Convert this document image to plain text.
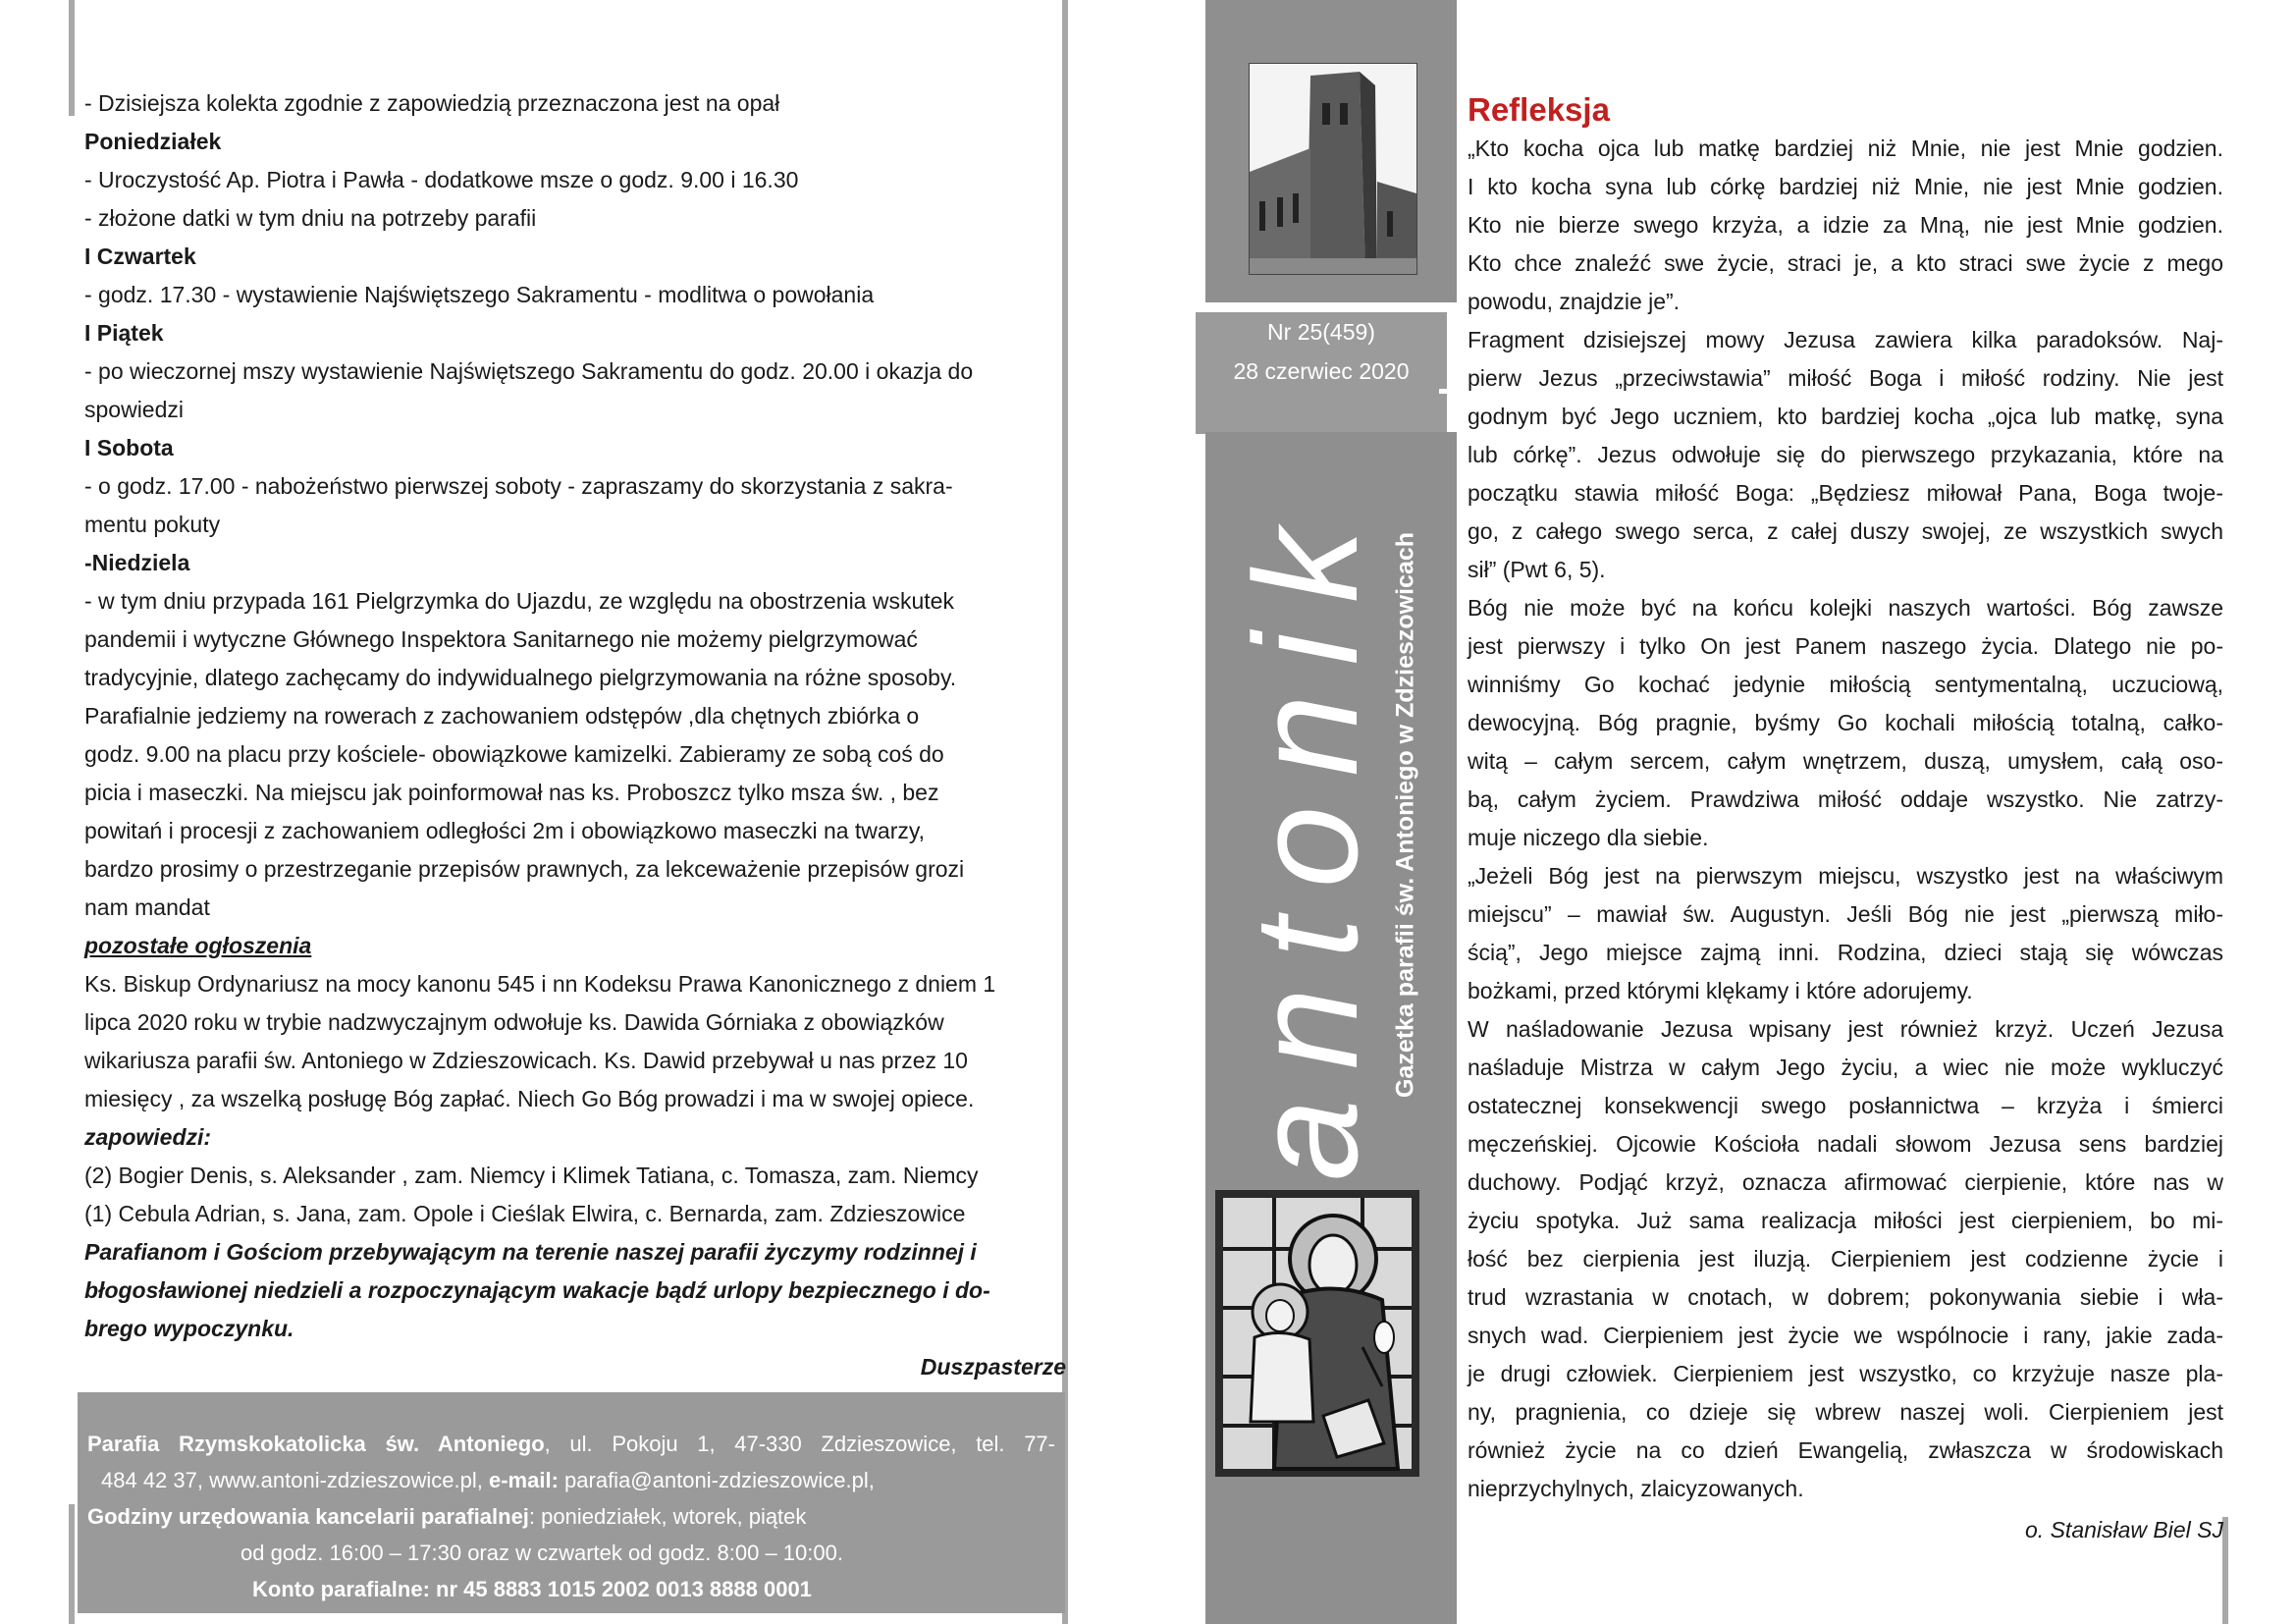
- Dzisiejsza kolekta zgodnie z zapowiedzią przeznaczona jest na opał
Poniedziałek
- Uroczystość Ap. Piotra i Pawła - dodatkowe msze o godz. 9.00 i 16.30
- złożone datki w tym dniu na potrzeby parafii
I Czwartek
- godz. 17.30 - wystawienie Najświętszego Sakramentu - modlitwa o powołania
I Piątek
- po wieczornej mszy wystawienie Najświętszego Sakramentu do godz. 20.00 i okazja do
spowiedzi
I Sobota
- o godz. 17.00 - nabożeństwo pierwszej soboty - zapraszamy do skorzystania z sakra-
mentu pokuty
-Niedziela
- w tym dniu przypada 161 Pielgrzymka do Ujazdu, ze względu na obostrzenia wskutek
pandemii i wytyczne Głównego Inspektora Sanitarnego nie możemy pielgrzymować
tradycyjnie, dlatego zachęcamy do indywidualnego pielgrzymowania na różne sposoby.
Parafialnie jedziemy na rowerach z zachowaniem odstępów ,dla chętnych zbiórka o
godz. 9.00 na placu przy kościele- obowiązkowe kamizelki. Zabieramy ze sobą coś do
picia i maseczki. Na miejscu jak poinformował nas ks. Proboszcz tylko msza św. , bez
powitań i procesji z zachowaniem odległości 2m i obowiązkowo maseczki na twarzy,
bardzo prosimy o przestrzeganie przepisów prawnych, za lekceważenie przepisów grozi
nam mandat
pozostałe ogłoszenia
Ks. Biskup Ordynariusz na mocy kanonu 545 i nn Kodeksu Prawa Kanonicznego z dniem 1
lipca 2020 roku w trybie nadzwyczajnym odwołuje ks. Dawida Górniaka z obowiązków
wikariusza parafii św. Antoniego w Zdzieszowicach. Ks. Dawid przebywał u nas przez 10
miesięcy , za wszelką posługę Bóg zapłać. Niech Go Bóg prowadzi i ma w swojej opiece.
zapowiedzi:
(2) Bogier Denis, s. Aleksander , zam. Niemcy i Klimek Tatiana, c. Tomasza, zam. Niemcy
(1) Cebula Adrian, s. Jana, zam. Opole i Cieślak Elwira, c. Bernarda, zam. Zdzieszowice
Parafianom i Gościom przebywającym na terenie naszej parafii życzymy rodzinnej i
błogosławionej niedzieli a rozpoczynającym wakacje bądź urlopy bezpiecznego i do-
brego wypoczynku.
Duszpasterze
Parafia Rzymskokatolicka św. Antoniego, ul. Pokoju 1, 47-330 Zdzieszowice, tel. 77-
484 42 37, www.antoni-zdzieszowice.pl, e-mail: parafia@antoni-zdzieszowice.pl,
Godziny urzędowania kancelarii parafialnej: poniedziałek, wtorek, piątek
od godz. 16:00 – 17:30 oraz w czwartek od godz. 8:00 – 10:00.
Konto parafialne: nr 45 8883 1015 2002 0013 8888 0001
Nr 25(459)
28 czerwiec 2020
antonik Gazetka parafii św. Antoniego w Zdzieszowicach
Refleksja
„Kto kocha ojca lub matkę bardziej niż Mnie, nie jest Mnie godzien.
I kto kocha syna lub córkę bardziej niż Mnie, nie jest Mnie godzien.
Kto nie bierze swego krzyża, a idzie za Mną, nie jest Mnie godzien.
Kto chce znaleźć swe życie, straci je, a kto straci swe życie z mego
powodu, znajdzie je”.
Fragment dzisiejszej mowy Jezusa zawiera kilka paradoksów. Naj-
pierw Jezus „przeciwstawia” miłość Boga i miłość rodziny. Nie jest
godnym być Jego uczniem, kto bardziej kocha „ojca lub matkę, syna
lub córkę”. Jezus odwołuje się do pierwszego przykazania, które na
początku stawia miłość Boga: „Będziesz miłował Pana, Boga twoje-
go, z całego swego serca, z całej duszy swojej, ze wszystkich swych
sił” (Pwt 6, 5).
Bóg nie może być na końcu kolejki naszych wartości. Bóg zawsze
jest pierwszy i tylko On jest Panem naszego życia. Dlatego nie po-
winniśmy Go kochać jedynie miłością sentymentalną, uczuciową,
dewocyjną. Bóg pragnie, byśmy Go kochali miłością totalną, całko-
witą – całym sercem, całym wnętrzem, duszą, umysłem, całą oso-
bą, całym życiem. Prawdziwa miłość oddaje wszystko. Nie zatrzy-
muje niczego dla siebie.
„Jeżeli Bóg jest na pierwszym miejscu, wszystko jest na właściwym
miejscu” – mawiał św. Augustyn. Jeśli Bóg nie jest „pierwszą miło-
ścią”, Jego miejsce zajmą inni. Rodzina, dzieci stają się wówczas
bożkami, przed którymi klękamy i które adorujemy.
W naśladowanie Jezusa wpisany jest również krzyż. Uczeń Jezusa
naśladuje Mistrza w całym Jego życiu, a wiec nie może wykluczyć
ostatecznej konsekwencji swego posłannictwa – krzyża i śmierci
męczeńskiej. Ojcowie Kościoła nadali słowom Jezusa sens bardziej
duchowy. Podjąć krzyż, oznacza afirmować cierpienie, które nas w
życiu spotyka. Już sama realizacja miłości jest cierpieniem, bo mi-
łość bez cierpienia jest iluzją. Cierpieniem jest codzienne życie i
trud wzrastania w cnotach, w dobrem; pokonywania siebie i wła-
snych wad. Cierpieniem jest życie we wspólnocie i rany, jakie zada-
je drugi człowiek. Cierpieniem jest wszystko, co krzyżuje nasze pla-
ny, pragnienia, co dzieje się wbrew naszej woli. Cierpieniem jest
również życie na co dzień Ewangelią, zwłaszcza w środowiskach
nieprzychylnych, zlaicyzowanych.
o. Stanisław Biel SJ
